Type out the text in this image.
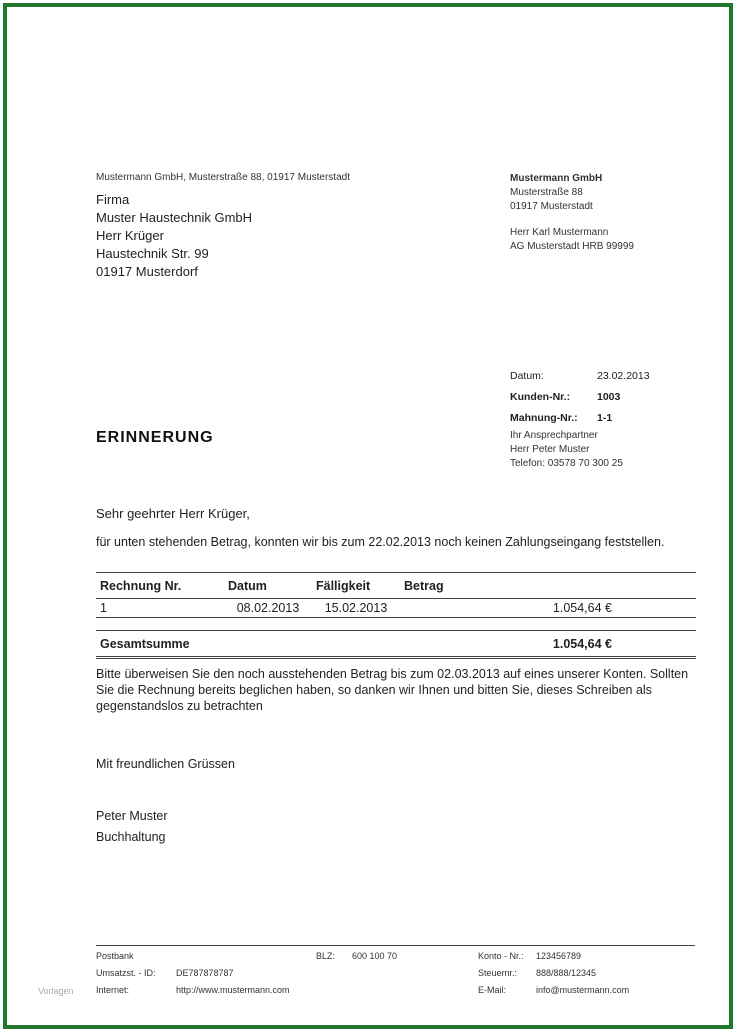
Mustermann GmbH, Musterstraße 88, 01917 Musterstadt
Firma
Muster Haustechnik GmbH
Herr Krüger
Haustechnik Str. 99
01917 Musterdorf
Mustermann GmbH
Musterstraße 88
01917 Musterstadt
Herr Karl Mustermann
AG Musterstadt HRB 99999
Datum:	23.02.2013
Kunden-Nr.:	1003
Mahnung-Nr.:	1-1
Ihr Ansprechpartner
Herr Peter Muster
Telefon: 03578 70 300 25
ERINNERUNG
Sehr geehrter Herr Krüger,
für unten stehenden Betrag, konnten wir bis zum 22.02.2013 noch keinen Zahlungseingang feststellen.
Rechnung Nr.	Datum	Fälligkeit	Betrag
1	08.02.2013	15.02.2013	1.054,64 €

Gesamtsumme			1.054,64 €
Bitte überweisen Sie den noch ausstehenden Betrag bis zum 02.03.2013 auf eines unserer Konten. Sollten Sie die Rechnung bereits beglichen haben, so danken wir Ihnen und bitten Sie, dieses Schreiben als gegenstandslos zu betrachten
Mit freundlichen Grüssen
Peter Muster
Buchhaltung
Postbank	BLZ: 600 100 70	Konto - Nr.: 123456789
Umsatzst. - ID: DE787878787	Steuernr.: 888/888/12345
Internet:	http://www.mustermann.com	E-Mail:	info@mustermann.com
Vorlagen
